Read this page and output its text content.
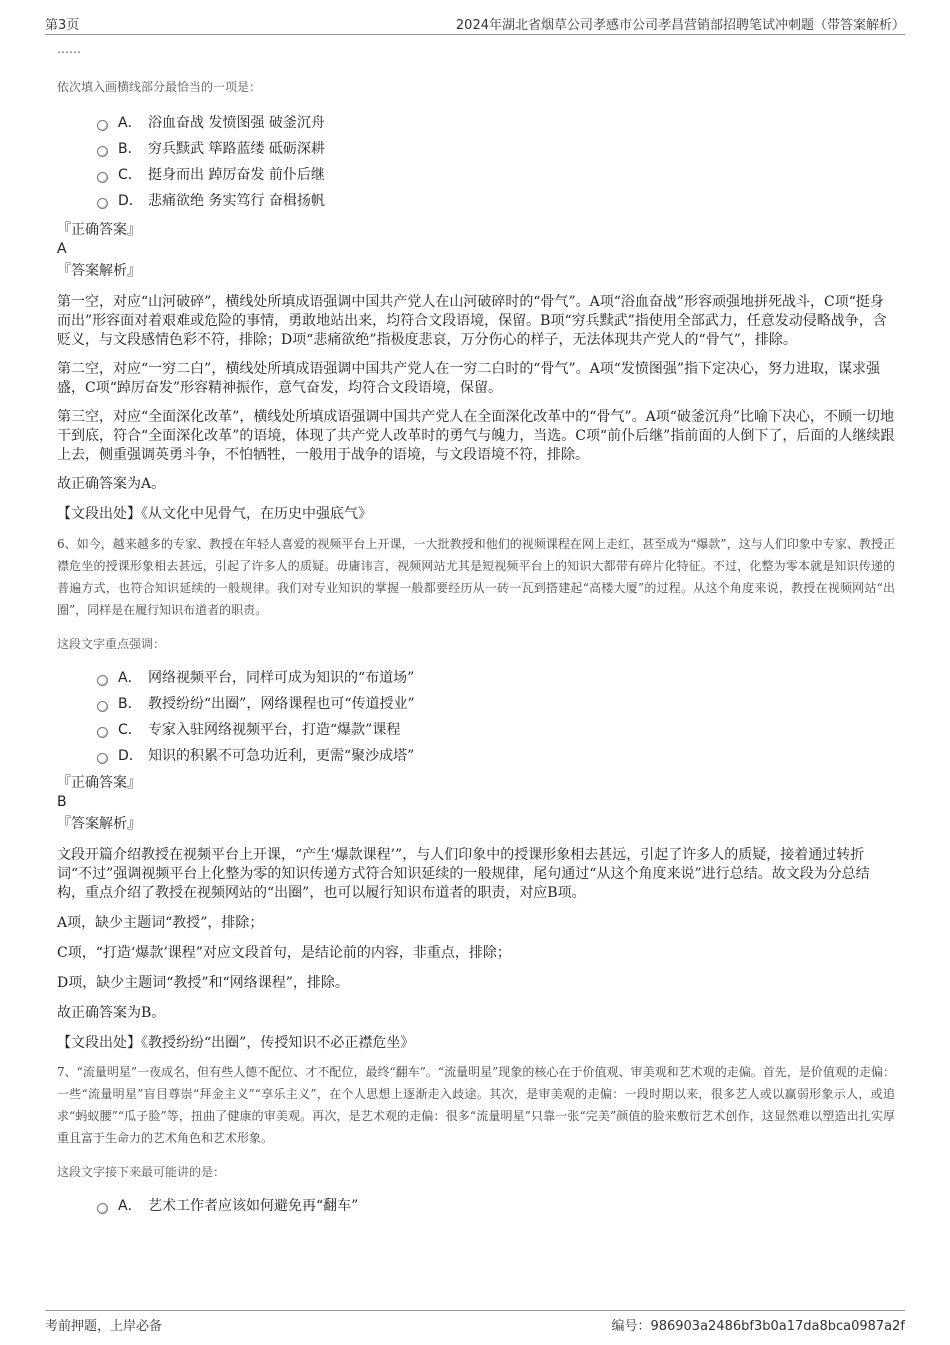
第3页	2024年湖北省烟草公司孝感市公司孝昌营销部招聘笔试冲刺题（带答案解析）

……

依次填入画横线部分最恰当的一项是：

A． 浴血奋战 发愤图强 破釜沉舟
B． 穷兵黩武 筚路蓝缕 砥砺深耕
C． 挺身而出 踔厉奋发 前仆后继
D． 悲痛欲绝 务实笃行 奋楫扬帆

『正确答案』

A

『答案解析』

第一空，对应“山河破碎”，横线处所填成语强调中国共产党人在山河破碎时的“骨气”。A项“浴血奋战”形容顽强地拼死战斗，C项“挺身而出”形容面对着艰难或危险的事情，勇敢地站出来，均符合文段语境，保留。B项“穷兵黩武”指使用全部武力，任意发动侵略战争，含贬义，与文段感情色彩不符，排除；D项“悲痛欲绝”指极度悲哀，万分伤心的样子，无法体现共产党人的“骨气”，排除。

第二空，对应“一穷二白”，横线处所填成语强调中国共产党人在一穷二白时的“骨气”。A项“发愤图强”指下定决心，努力进取，谋求强盛，C项“踔厉奋发”形容精神振作，意气奋发，均符合文段语境，保留。

第三空，对应“全面深化改革”，横线处所填成语强调中国共产党人在全面深化改革中的“骨气”。A项“破釜沉舟”比喻下决心，不顾一切地干到底，符合“全面深化改革”的语境，体现了共产党人改革时的勇气与魄力，当选。C项“前仆后继”指前面的人倒下了，后面的人继续跟上去，侧重强调英勇斗争，不怕牺牲，一般用于战争的语境，与文段语境不符，排除。

故正确答案为A。

【文段出处】《从文化中见骨气，在历史中强底气》

6、如今，越来越多的专家、教授在年轻人喜爱的视频平台上开课，一大批教授和他们的视频课程在网上走红，甚至成为“爆款”，这与人们印象中专家、教授正襟危坐的授课形象相去甚远，引起了许多人的质疑。毋庸讳言，视频网站尤其是短视频平台上的知识大都带有碎片化特征。不过，化整为零本就是知识传递的普遍方式，也符合知识延续的一般规律。我们对专业知识的掌握一般都要经历从一砖一瓦到搭建起“高楼大厦”的过程。从这个角度来说，教授在视频网站“出圈”，同样是在履行知识布道者的职责。

这段文字重点强调：

A． 网络视频平台，同样可成为知识的“布道场”
B． 教授纷纷“出圈”，网络课程也可“传道授业”
C． 专家入驻网络视频平台，打造“爆款”课程
D． 知识的积累不可急功近利，更需“聚沙成塔”

『正确答案』

B

『答案解析』

文段开篇介绍教授在视频平台上开课，“产生‘爆款课程’”，与人们印象中的授课形象相去甚远，引起了许多人的质疑，接着通过转折词“不过”强调视频平台上化整为零的知识传递方式符合知识延续的一般规律，尾句通过“从这个角度来说”进行总结。故文段为分总结构，重点介绍了教授在视频网站的“出圈”，也可以履行知识布道者的职责，对应B项。

A项，缺少主题词“教授”，排除；

C项，“打造‘爆款’课程”对应文段首句，是结论前的内容，非重点，排除；

D项，缺少主题词“教授”和“网络课程”，排除。

故正确答案为B。

【文段出处】《教授纷纷“出圈”，传授知识不必正襟危坐》

7、“流量明星”一夜成名，但有些人德不配位、才不配位，最终“翻车”。“流量明星”现象的核心在于价值观、审美观和艺术观的走偏。首先，是价值观的走偏：一些“流量明星”盲目尊崇“拜金主义”“享乐主义”，在个人思想上逐渐走入歧途。其次，是审美观的走偏：一段时期以来，很多艺人或以赢弱形象示人，或追求“蚂蚁腰”“瓜子脸”等，扭曲了健康的审美观。再次，是艺术观的走偏：很多“流量明星”只靠一张“完美”颜值的脸来敷衍艺术创作，这显然难以塑造出扎实厚重且富于生命力的艺术角色和艺术形象。

这段文字接下来最可能讲的是：

A． 艺术工作者应该如何避免再“翻车”
考前押题，上岸必备	编号：986903a2486bf3b0a17da8bca0987a2f
